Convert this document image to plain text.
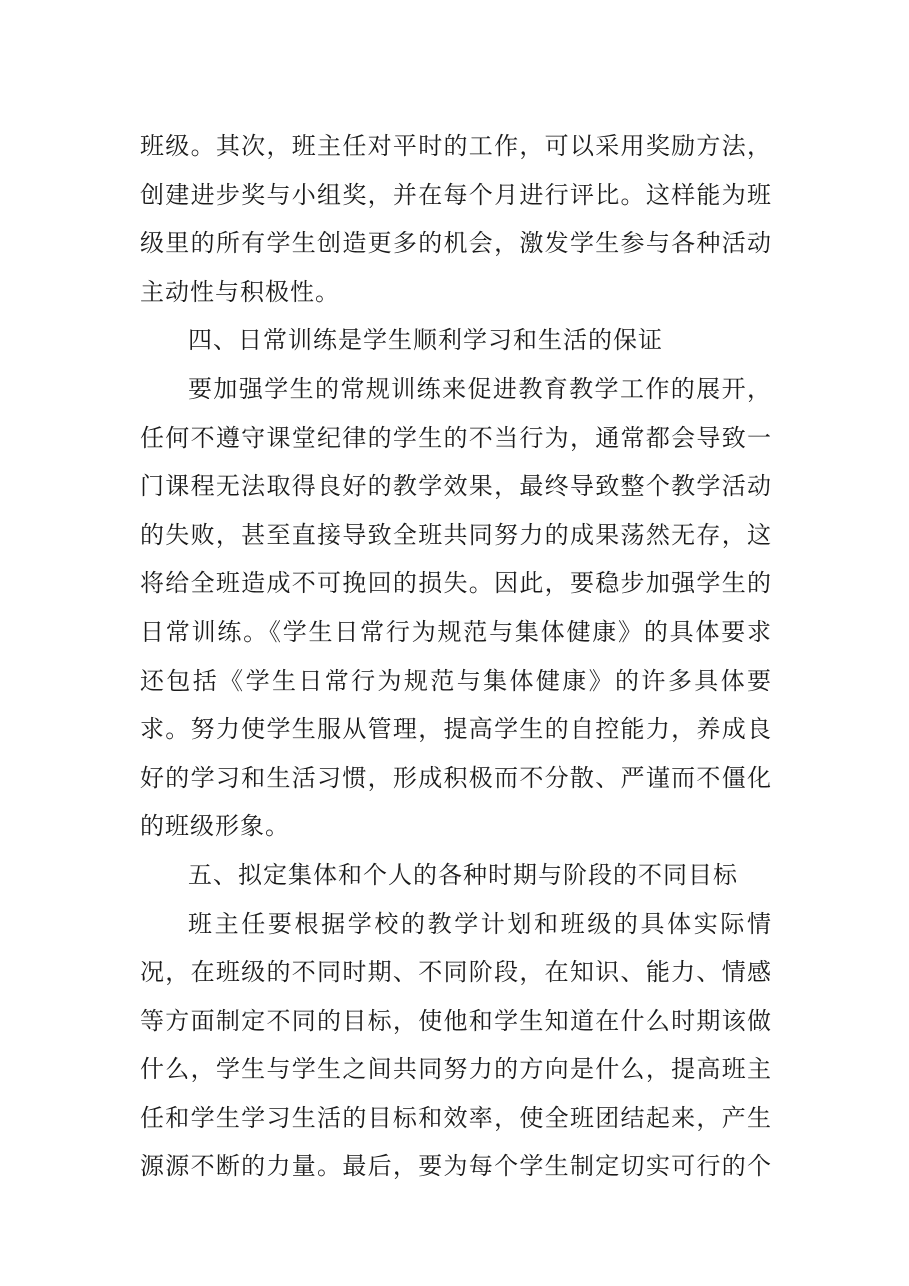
班级。其次，班主任对平时的工作，可以采用奖励方法，
创建进步奖与小组奖，并在每个月进行评比。这样能为班
级里的所有学生创造更多的机会，激发学生参与各种活动
主动性与积极性。
四、日常训练是学生顺利学习和生活的保证
要加强学生的常规训练来促进教育教学工作的展开，
任何不遵守课堂纪律的学生的不当行为，通常都会导致一
门课程无法取得良好的教学效果，最终导致整个教学活动
的失败，甚至直接导致全班共同努力的成果荡然无存，这
将给全班造成不可挽回的损失。因此，要稳步加强学生的
日常训练。《学生日常行为规范与集体健康》的具体要求
还包括《学生日常行为规范与集体健康》的许多具体要
求。努力使学生服从管理，提高学生的自控能力，养成良
好的学习和生活习惯，形成积极而不分散、严谨而不僵化
的班级形象。
五、拟定集体和个人的各种时期与阶段的不同目标
班主任要根据学校的教学计划和班级的具体实际情
况，在班级的不同时期、不同阶段，在知识、能力、情感
等方面制定不同的目标，使他和学生知道在什么时期该做
什么，学生与学生之间共同努力的方向是什么，提高班主
任和学生学习生活的目标和效率，使全班团结起来，产生
源源不断的力量。最后，要为每个学生制定切实可行的个
